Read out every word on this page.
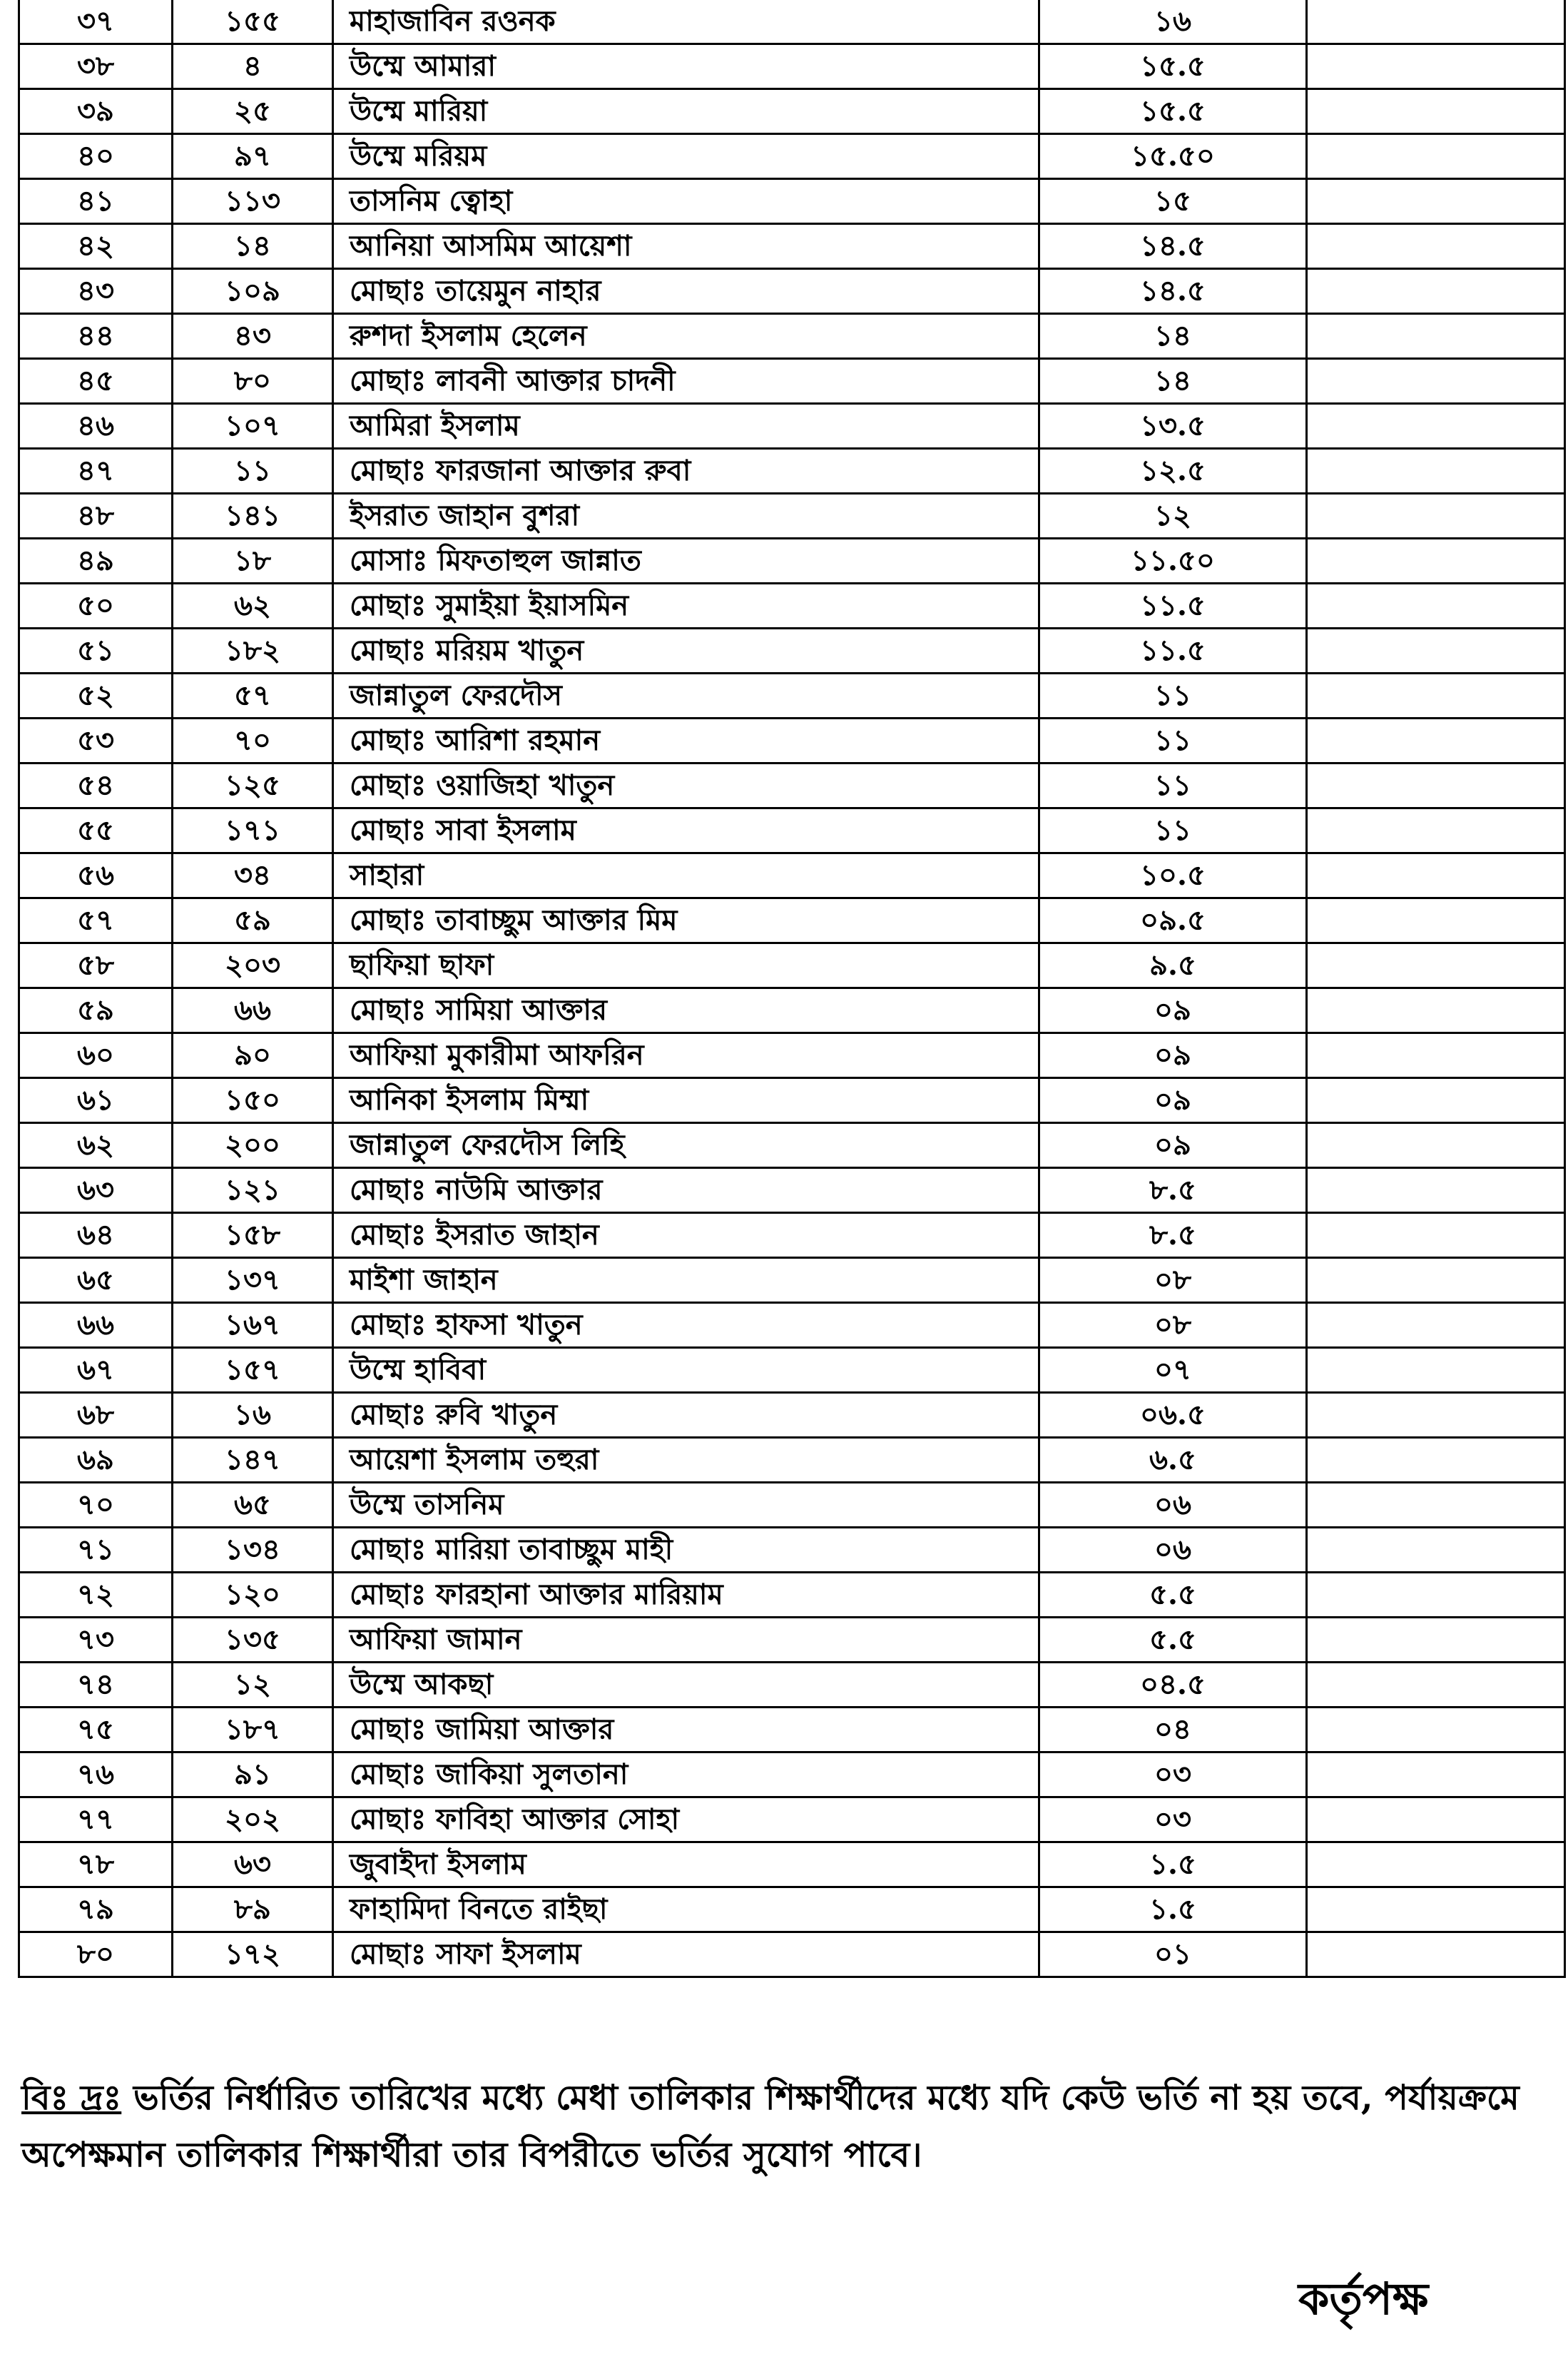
৩৭	১৫৫	মাহাজাবিন রওনক	১৬	
৩৮	৪	উম্মে আমারা	১৫.৫	
৩৯	২৫	উম্মে মারিয়া	১৫.৫	
৪০	৯৭	উম্মে মরিয়ম	১৫.৫০	
৪১	১১৩	তাসনিম ত্বোহা	১৫	
৪২	১৪	আনিয়া আসমিম আয়েশা	১৪.৫	
৪৩	১০৯	মোছাঃ তায়েমুন নাহার	১৪.৫	
৪৪	৪৩	রুশদা ইসলাম হেলেন	১৪	
৪৫	৮০	মোছাঃ লাবনী আক্তার চাদনী	১৪	
৪৬	১০৭	আমিরা ইসলাম	১৩.৫	
৪৭	১১	মোছাঃ ফারজানা আক্তার রুবা	১২.৫	
৪৮	১৪১	ইসরাত জাহান বুশরা	১২	
৪৯	১৮	মোসাঃ মিফতাহুল জান্নাত	১১.৫০	
৫০	৬২	মোছাঃ সুমাইয়া ইয়াসমিন	১১.৫	
৫১	১৮২	মোছাঃ মরিয়ম খাতুন	১১.৫	
৫২	৫৭	জান্নাতুল ফেরদৌস	১১	
৫৩	৭০	মোছাঃ আরিশা রহমান	১১	
৫৪	১২৫	মোছাঃ ওয়াজিহা খাতুন	১১	
৫৫	১৭১	মোছাঃ সাবা ইসলাম	১১	
৫৬	৩৪	সাহারা	১০.৫	
৫৭	৫৯	মোছাঃ তাবাচ্ছুম আক্তার মিম	০৯.৫	
৫৮	২০৩	ছাফিয়া ছাফা	৯.৫	
৫৯	৬৬	মোছাঃ সামিয়া আক্তার	০৯	
৬০	৯০	আফিয়া মুকারীমা আফরিন	০৯	
৬১	১৫০	আনিকা ইসলাম মিম্মা	০৯	
৬২	২০০	জান্নাতুল ফেরদৌস লিহি	০৯	
৬৩	১২১	মোছাঃ নাউমি আক্তার	৮.৫	
৬৪	১৫৮	মোছাঃ ইসরাত জাহান	৮.৫	
৬৫	১৩৭	মাইশা জাহান	০৮	
৬৬	১৬৭	মোছাঃ হাফসা খাতুন	০৮	
৬৭	১৫৭	উম্মে হাবিবা	০৭	
৬৮	১৬	মোছাঃ রুবি খাতুন	০৬.৫	
৬৯	১৪৭	আয়েশা ইসলাম তহুরা	৬.৫	
৭০	৬৫	উম্মে তাসনিম	০৬	
৭১	১৩৪	মোছাঃ মারিয়া তাবাচ্ছুম মাহী	০৬	
৭২	১২০	মোছাঃ ফারহানা আক্তার মারিয়াম	৫.৫	
৭৩	১৩৫	আফিয়া জামান	৫.৫	
৭৪	১২	উম্মে আকছা	০৪.৫	
৭৫	১৮৭	মোছাঃ জামিয়া আক্তার	০৪	
৭৬	৯১	মোছাঃ জাকিয়া সুলতানা	০৩	
৭৭	২০২	মোছাঃ ফাবিহা আক্তার সোহা	০৩	
৭৮	৬৩	জুবাইদা ইসলাম	১.৫	
৭৯	৮৯	ফাহামিদা বিনতে রাইছা	১.৫	
৮০	১৭২	মোছাঃ সাফা ইসলাম	০১	
বিঃ দ্রঃ ভর্তির নির্ধারিত তারিখের মধ্যে মেধা তালিকার শিক্ষার্থীদের মধ্যে যদি কেউ ভর্তি না হয় তবে, পর্যায়ক্রমে অপেক্ষমান তালিকার শিক্ষার্থীরা তার বিপরীতে ভর্তির সুযোগ পাবে।
কর্তৃপক্ষ
